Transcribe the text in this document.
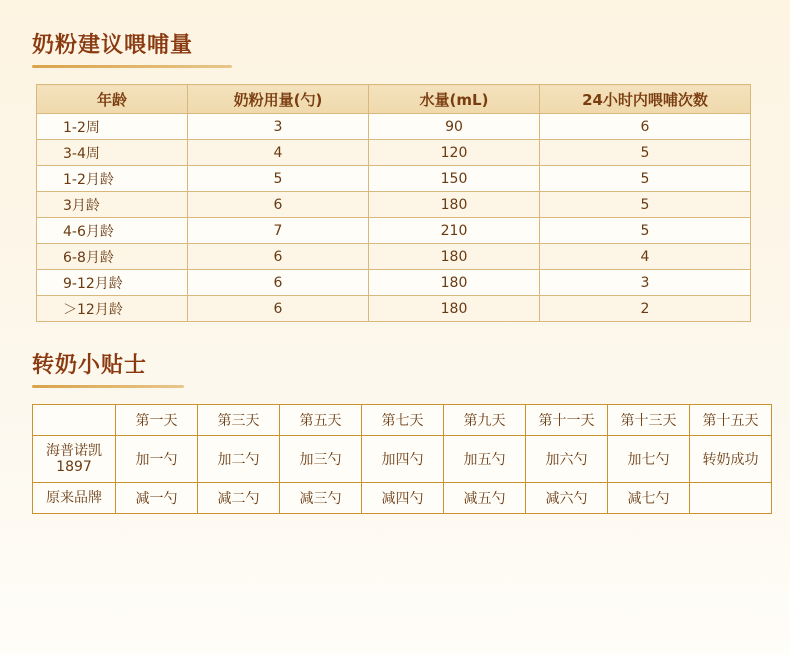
奶粉建议喂哺量
年龄	奶粉用量(勺)	水量(mL)	24小时内喂哺次数
1-2周	3	90	6
3-4周	4	120	5
1-2月龄	5	150	5
3月龄	6	180	5
4-6月龄	7	210	5
6-8月龄	6	180	4
9-12月龄	6	180	3
＞12月龄	6	180	2
转奶小贴士
	第一天	第三天	第五天	第七天	第九天	第十一天	第十三天	第十五天
海普诺凯1897	加一勺	加二勺	加三勺	加四勺	加五勺	加六勺	加七勺	转奶成功
原来品牌	减一勺	减二勺	减三勺	减四勺	减五勺	减六勺	减七勺	
